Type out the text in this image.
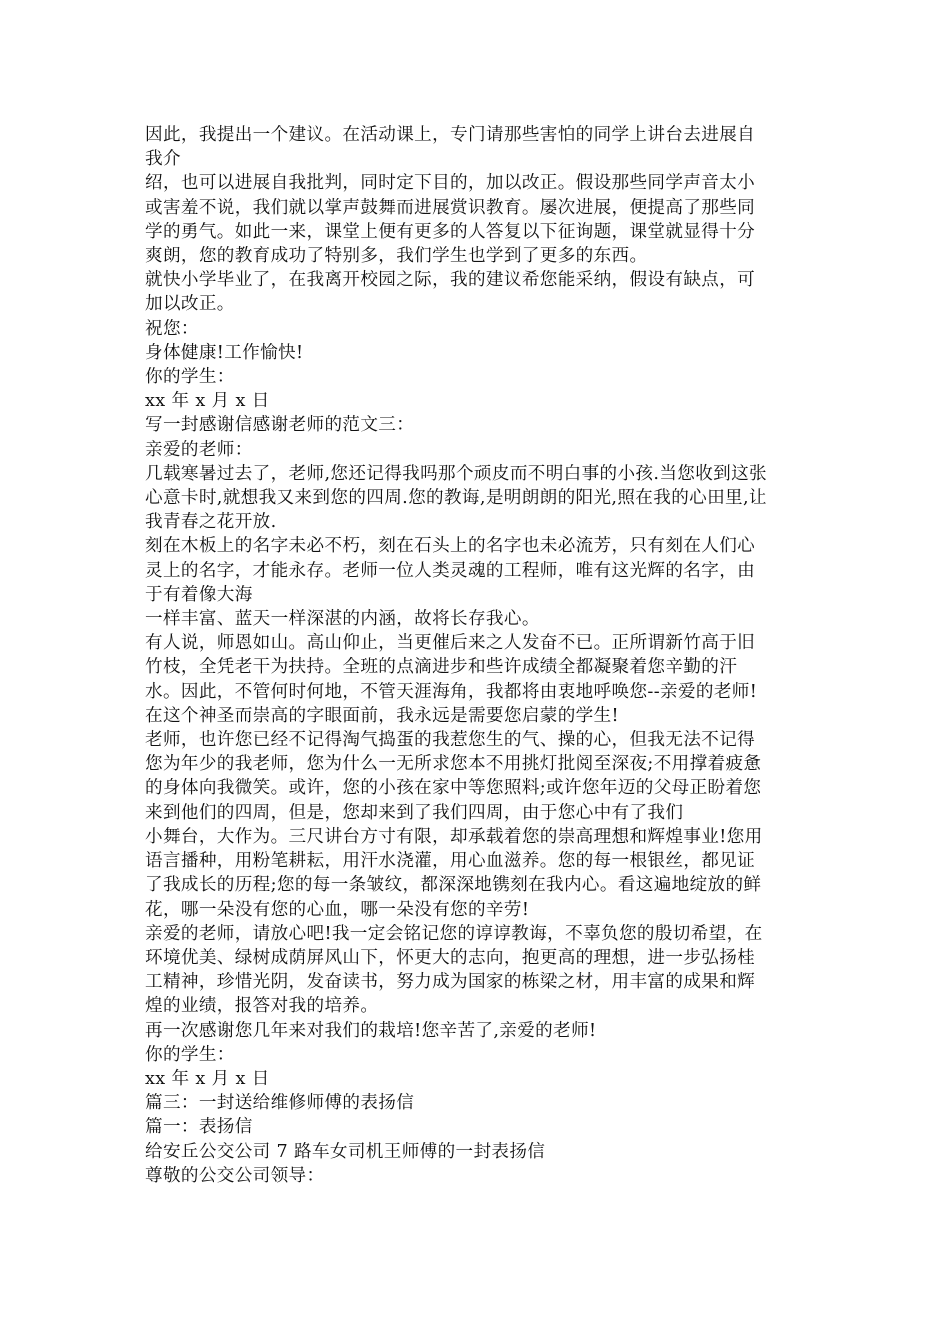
因此，我提出一个建议。在活动课上，专门请那些害怕的同学上讲台去进展自
我介
绍，也可以进展自我批判，同时定下目的，加以改正。假设那些同学声音太小
或害羞不说，我们就以掌声鼓舞而进展赏识教育。屡次进展，便提高了那些同
学的勇气。如此一来，课堂上便有更多的人答复以下征询题，课堂就显得十分
爽朗，您的教育成功了特别多，我们学生也学到了更多的东西。
就快小学毕业了，在我离开校园之际，我的建议希您能采纳，假设有缺点，可
加以改正。
祝您：
身体健康!工作愉快!
你的学生：
xx 年 x 月 x 日
写一封感谢信感谢老师的范文三：
亲爱的老师：
几载寒暑过去了，老师,您还记得我吗那个顽皮而不明白事的小孩.当您收到这张
心意卡时,就想我又来到您的四周.您的教诲,是明朗朗的阳光,照在我的心田里,让
我青春之花开放.
刻在木板上的名字未必不朽，刻在石头上的名字也未必流芳，只有刻在人们心
灵上的名字，才能永存。老师一位人类灵魂的工程师，唯有这光辉的名字，由
于有着像大海
一样丰富、蓝天一样深湛的内涵，故将长存我心。
有人说，师恩如山。高山仰止，当更催后来之人发奋不已。正所谓新竹高于旧
竹枝，全凭老干为扶持。全班的点滴进步和些许成绩全都凝聚着您辛勤的汗
水。因此，不管何时何地，不管天涯海角，我都将由衷地呼唤您--亲爱的老师!
在这个神圣而崇高的字眼面前，我永远是需要您启蒙的学生!
老师，也许您已经不记得淘气捣蛋的我惹您生的气、操的心，但我无法不记得
您为年少的我老师，您为什么一无所求您本不用挑灯批阅至深夜;不用撑着疲惫
的身体向我微笑。或许，您的小孩在家中等您照料;或许您年迈的父母正盼着您
来到他们的四周，但是，您却来到了我们四周，由于您心中有了我们
小舞台，大作为。三尺讲台方寸有限，却承载着您的崇高理想和辉煌事业!您用
语言播种，用粉笔耕耘，用汗水浇灌，用心血滋养。您的每一根银丝，都见证
了我成长的历程;您的每一条皱纹，都深深地镌刻在我内心。看这遍地绽放的鲜
花，哪一朵没有您的心血，哪一朵没有您的辛劳!
亲爱的老师，请放心吧!我一定会铭记您的谆谆教诲，不辜负您的殷切希望，在
环境优美、绿树成荫屏风山下，怀更大的志向，抱更高的理想，进一步弘扬桂
工精神，珍惜光阴，发奋读书，努力成为国家的栋梁之材，用丰富的成果和辉
煌的业绩，报答对我的培养。
再一次感谢您几年来对我们的栽培!您辛苦了,亲爱的老师!
你的学生：
xx 年 x 月 x 日
篇三：一封送给维修师傅的表扬信
篇一：表扬信
给安丘公交公司 7 路车女司机王师傅的一封表扬信
尊敬的公交公司领导：
